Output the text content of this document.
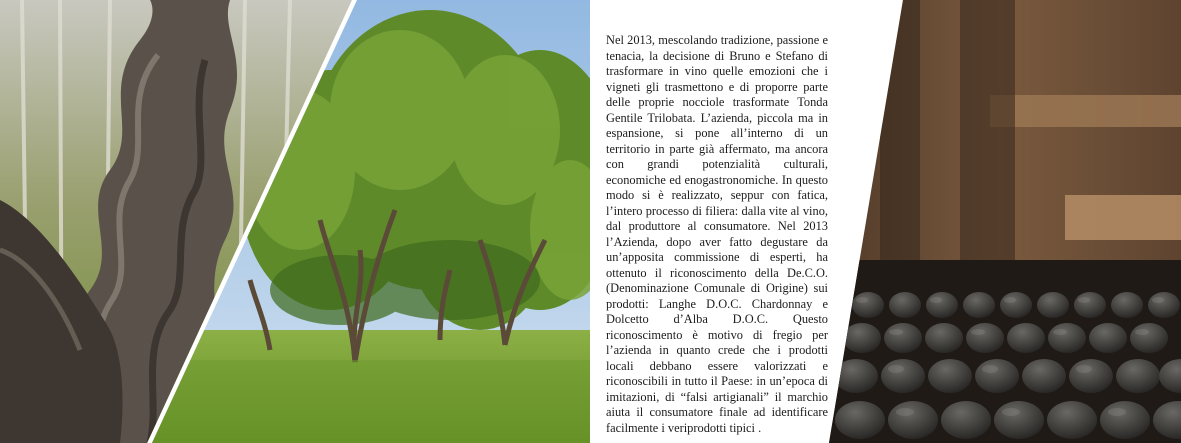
Nel 2013, mescolando tradizione, passione e tenacia, la decisione di Bruno e Stefano di trasformare in vino quelle emozioni che i vigneti gli trasmettono e di proporre parte delle proprie nocciole trasformate Tonda Gentile Trilobata. L’azienda, piccola ma in espansione, si pone all’interno di un territorio in parte già affermato, ma ancora con grandi potenzialità culturali, economiche ed enogastronomiche. In questo modo si è realizzato, seppur con fatica, l’intero processo di filiera: dalla vite al vino, dal produttore al consumatore. Nel 2013 l’Azienda, dopo aver fatto degustare da un’apposita commissione di esperti, ha ottenuto il riconoscimento della De.C.O. (Denominazione Comunale di Origine) sui prodotti: Langhe D.O.C. Chardonnay e Dolcetto d’Alba D.O.C. Questo riconoscimento è motivo di fregio per l’azienda in quanto crede che i prodotti locali debbano essere valorizzati e riconoscibili in tutto il Paese: in un’epoca di imitazioni, di “falsi artigianali” il marchio aiuta il consumatore finale ad identificare facilmente i veriprodotti tipici .
